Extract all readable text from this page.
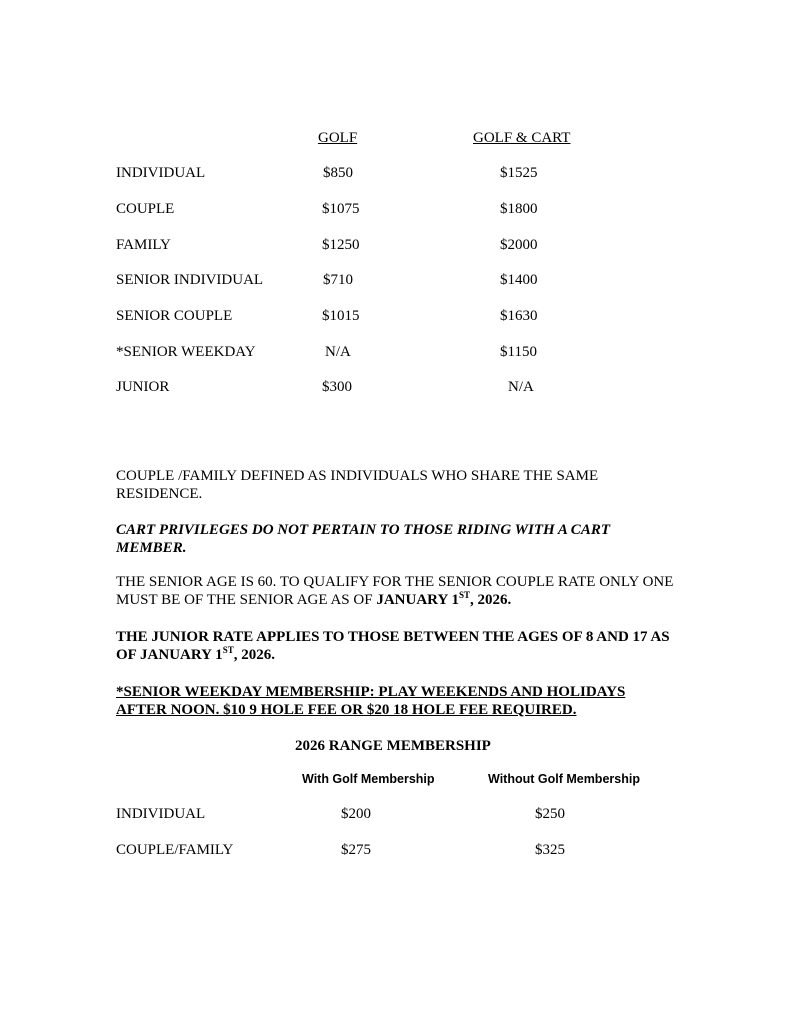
GOLF	GOLF & CART
INDIVIDUAL	$850	$1525
COUPLE	$1075	$1800
FAMILY	$1250	$2000
SENIOR INDIVIDUAL	$710	$1400
SENIOR COUPLE	$1015	$1630
*SENIOR WEEKDAY	N/A	$1150
JUNIOR	$300	N/A
COUPLE /FAMILY DEFINED AS INDIVIDUALS WHO SHARE THE SAME RESIDENCE.
CART PRIVILEGES DO NOT PERTAIN TO THOSE RIDING WITH A CART MEMBER.
THE SENIOR AGE IS 60. TO QUALIFY FOR THE SENIOR COUPLE RATE ONLY ONE MUST BE OF THE SENIOR AGE AS OF JANUARY 1ST, 2026.
THE JUNIOR RATE APPLIES TO THOSE BETWEEN THE AGES OF 8 AND 17 AS OF JANUARY 1ST, 2026.
*SENIOR WEEKDAY MEMBERSHIP: PLAY WEEKENDS AND HOLIDAYS AFTER NOON. $10 9 HOLE FEE OR $20 18 HOLE FEE REQUIRED.
2026 RANGE MEMBERSHIP
With Golf Membership	Without Golf Membership
INDIVIDUAL	$200	$250
COUPLE/FAMILY	$275	$325
